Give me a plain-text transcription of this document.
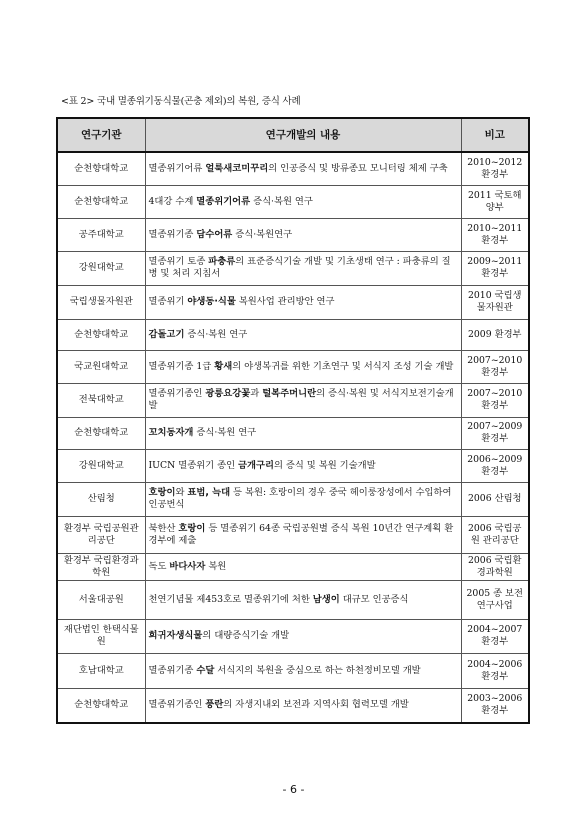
<표 2> 국내 멸종위기동식물(곤충 제외)의 복원, 증식 사례
연구기관	연구개발의 내용	비고
순천향대학교	멸종위기어류 얼룩새코미꾸리의 인공증식 및 방류종묘 모니터링 체제 구축	2010~2012 환경부
순천향대학교	4대강 수계 멸종위기어류 증식·복원 연구	2011 국토해양부
공주대학교	멸종위기종 담수어류 증식·복원연구	2010~2011 환경부
강원대학교	멸종위기 토종 파충류의 표준증식기술 개발 및 기초생태 연구 : 파충류의 질병 및 처리 지침서	2009~2011 환경부
국립생물자원관	멸종위기 야생동·식물 복원사업 관리방안 연구	2010 국립생물자원관
순천향대학교	감돌고기 증식·복원 연구	2009 환경부
국교원대학교	멸종위기종 1급 황새의 야생복귀를 위한 기초연구 및 서식지 조성 기술 개발	2007~2010 환경부
전북대학교	멸종위기종인 광릉요강꽃과 털복주머니란의 증식·복원 및 서식지보전기술개발	2007~2010 환경부
순천향대학교	꼬치동자개 증식·복원 연구	2007~2009 환경부
강원대학교	IUCN 멸종위기 종인 금개구리의 증식 및 복원 기술개발	2006~2009 환경부
산림청	호랑이와 표범, 늑대 등 복원: 호랑이의 경우 중국 헤이룽장성에서 수입하여 인공번식	2006 산림청
환경부 국립공원관리공단	북한산 호랑이 등 멸종위기 64종 국립공원별 증식 복원 10년간 연구계획 환경부에 제출	2006 국립공원 관리공단
환경부 국립환경과학원	독도 바다사자 복원	2006 국립환경과학원
서울대공원	천연기념물 제453호로 멸종위기에 처한 남생이 대규모 인공증식	2005 종 보전 연구사업
재단법인 한택식물원	희귀자생식물의 대량증식기술 개발	2004~2007 환경부
호남대학교	멸종위기종 수달 서식지의 복원을 중심으로 하는 하천정비모델 개발	2004~2006 환경부
순천향대학교	멸종위기종인 풍란의 자생지내외 보전과 지역사회 협력모델 개발	2003~2006 환경부
- 6 -
